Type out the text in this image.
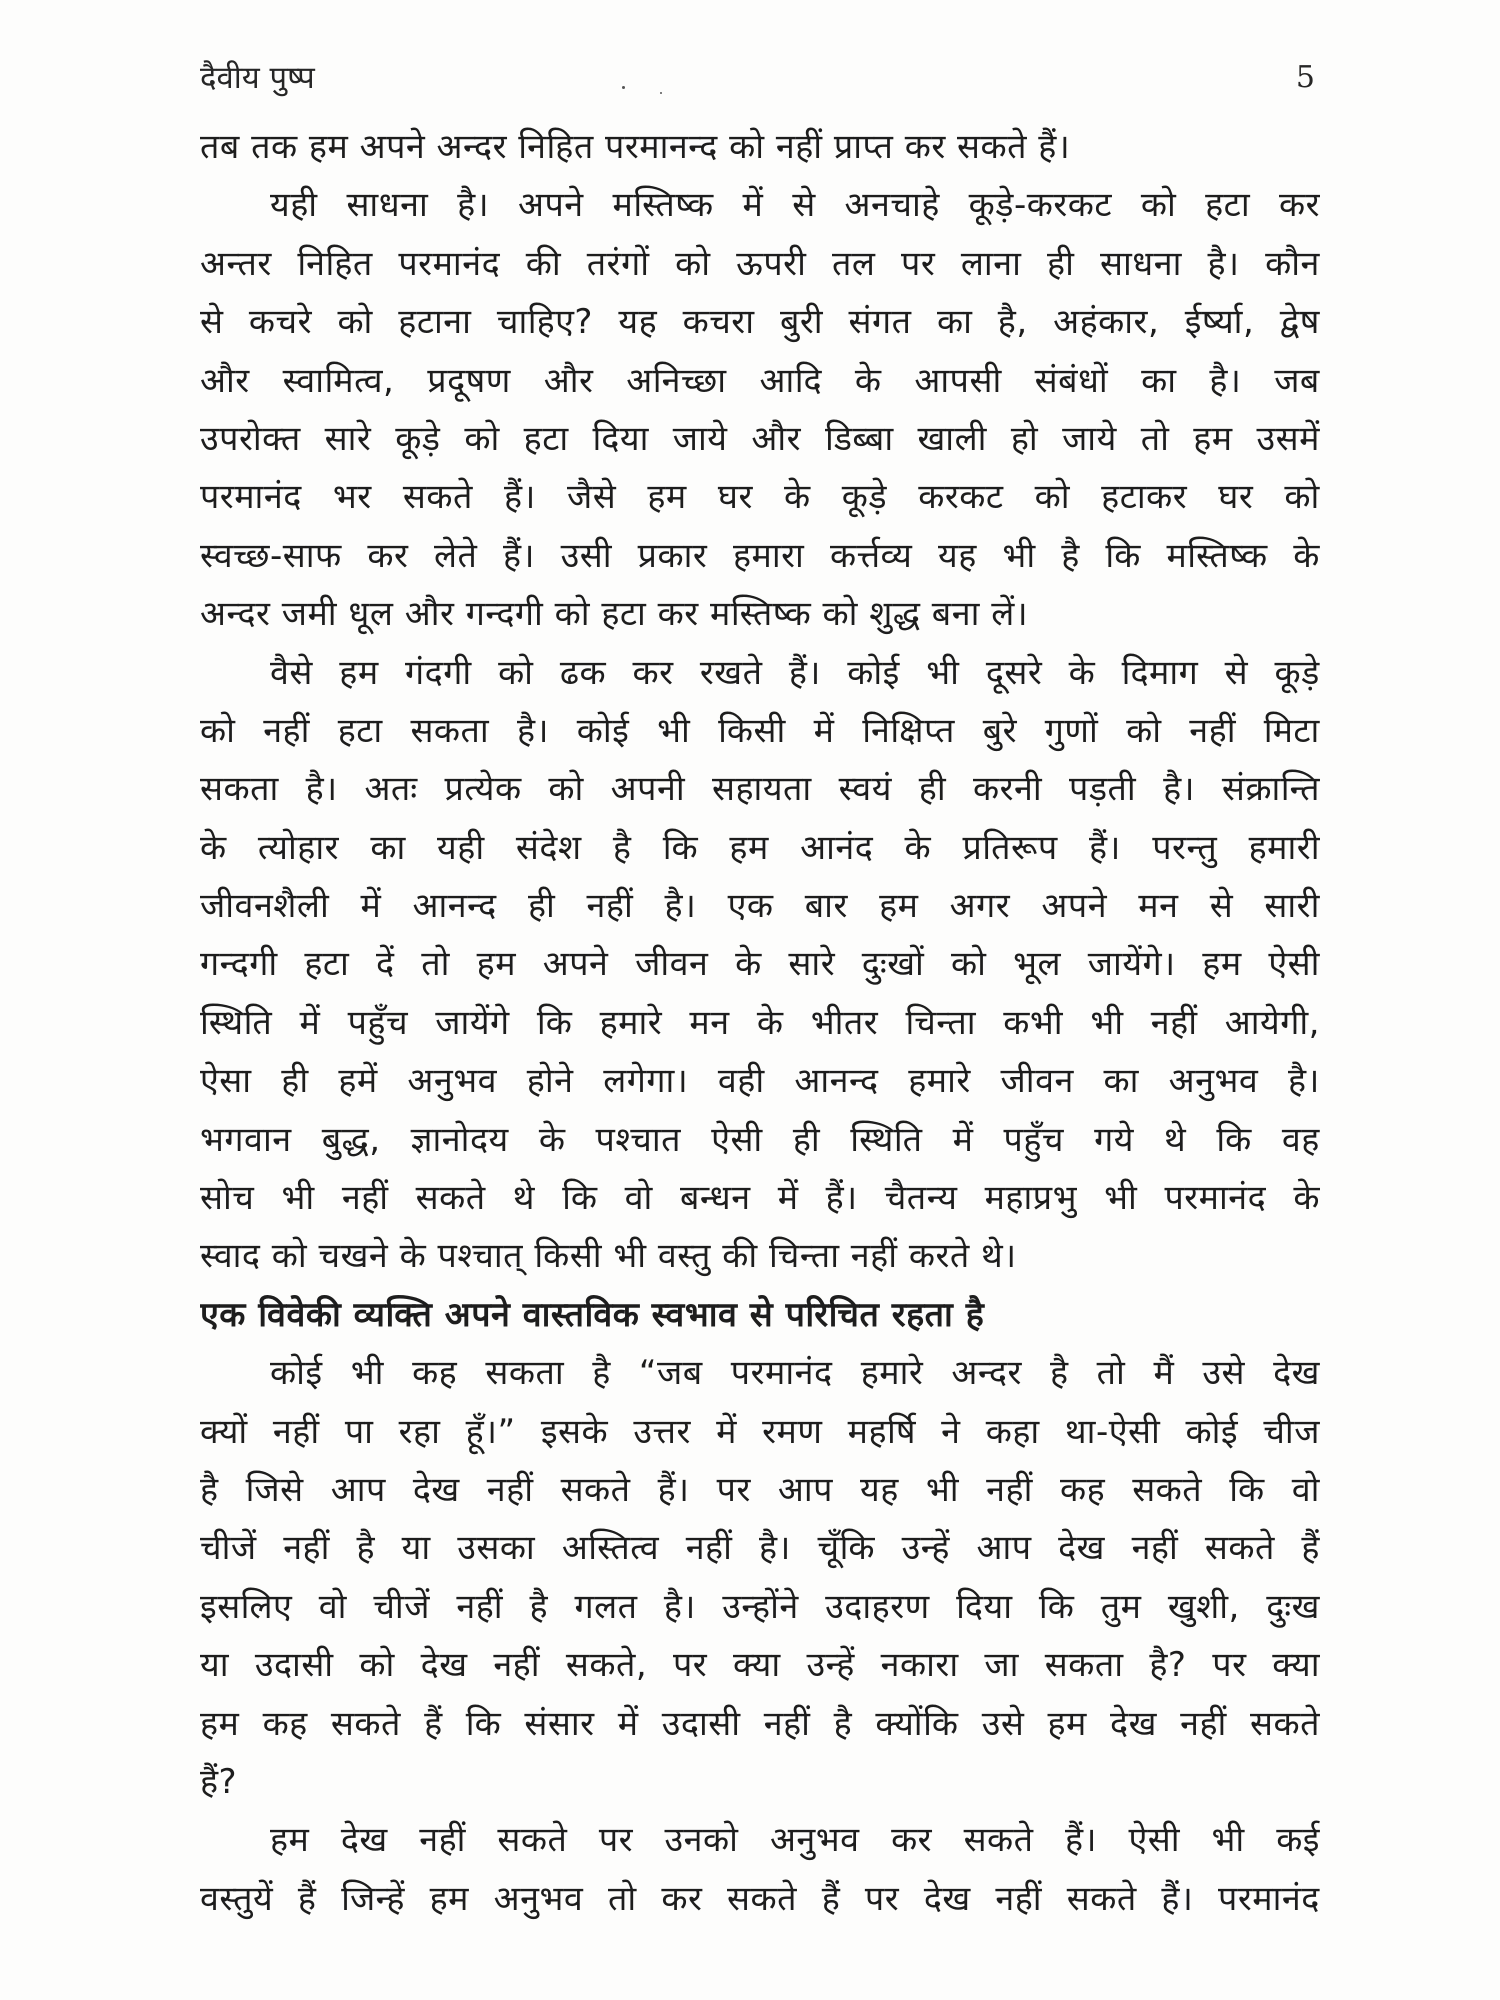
दैवीय पुष्प	5
तब तक हम अपने अन्दर निहित परमानन्द को नहीं प्राप्त कर सकते हैं।
यही साधना है। अपने मस्तिष्क में से अनचाहे कूड़े-करकट को हटा कर
अन्तर निहित परमानंद की तरंगों को ऊपरी तल पर लाना ही साधना है। कौन
से कचरे को हटाना चाहिए? यह कचरा बुरी संगत का है, अहंकार, ईर्ष्या, द्वेष
और स्वामित्व, प्रदूषण और अनिच्छा आदि के आपसी संबंधों का है। जब
उपरोक्त सारे कूड़े को हटा दिया जाये और डिब्बा खाली हो जाये तो हम उसमें
परमानंद भर सकते हैं। जैसे हम घर के कूड़े करकट को हटाकर घर को
स्वच्छ-साफ कर लेते हैं। उसी प्रकार हमारा कर्त्तव्य यह भी है कि मस्तिष्क के
अन्दर जमी धूल और गन्दगी को हटा कर मस्तिष्क को शुद्ध बना लें।
वैसे हम गंदगी को ढक कर रखते हैं। कोई भी दूसरे के दिमाग से कूड़े
को नहीं हटा सकता है। कोई भी किसी में निक्षिप्त बुरे गुणों को नहीं मिटा
सकता है। अतः प्रत्येक को अपनी सहायता स्वयं ही करनी पड़ती है। संक्रान्ति
के त्योहार का यही संदेश है कि हम आनंद के प्रतिरूप हैं। परन्तु हमारी
जीवनशैली में आनन्द ही नहीं है। एक बार हम अगर अपने मन से सारी
गन्दगी हटा दें तो हम अपने जीवन के सारे दुःखों को भूल जायेंगे। हम ऐसी
स्थिति में पहुँच जायेंगे कि हमारे मन के भीतर चिन्ता कभी भी नहीं आयेगी,
ऐसा ही हमें अनुभव होने लगेगा। वही आनन्द हमारे जीवन का अनुभव है।
भगवान बुद्ध, ज्ञानोदय के पश्चात ऐसी ही स्थिति में पहुँच गये थे कि वह
सोच भी नहीं सकते थे कि वो बन्धन में हैं। चैतन्य महाप्रभु भी परमानंद के
स्वाद को चखने के पश्चात् किसी भी वस्तु की चिन्ता नहीं करते थे।
एक विवेकी व्यक्ति अपने वास्तविक स्वभाव से परिचित रहता है
कोई भी कह सकता है “जब परमानंद हमारे अन्दर है तो मैं उसे देख
क्यों नहीं पा रहा हूँ।” इसके उत्तर में रमण महर्षि ने कहा था-ऐसी कोई चीज
है जिसे आप देख नहीं सकते हैं। पर आप यह भी नहीं कह सकते कि वो
चीजें नहीं है या उसका अस्तित्व नहीं है। चूँकि उन्हें आप देख नहीं सकते हैं
इसलिए वो चीजें नहीं है गलत है। उन्होंने उदाहरण दिया कि तुम खुशी, दुःख
या उदासी को देख नहीं सकते, पर क्या उन्हें नकारा जा सकता है? पर क्या
हम कह सकते हैं कि संसार में उदासी नहीं है क्योंकि उसे हम देख नहीं सकते
हैं?
हम देख नहीं सकते पर उनको अनुभव कर सकते हैं। ऐसी भी कई
वस्तुयें हैं जिन्हें हम अनुभव तो कर सकते हैं पर देख नहीं सकते हैं। परमानंद
